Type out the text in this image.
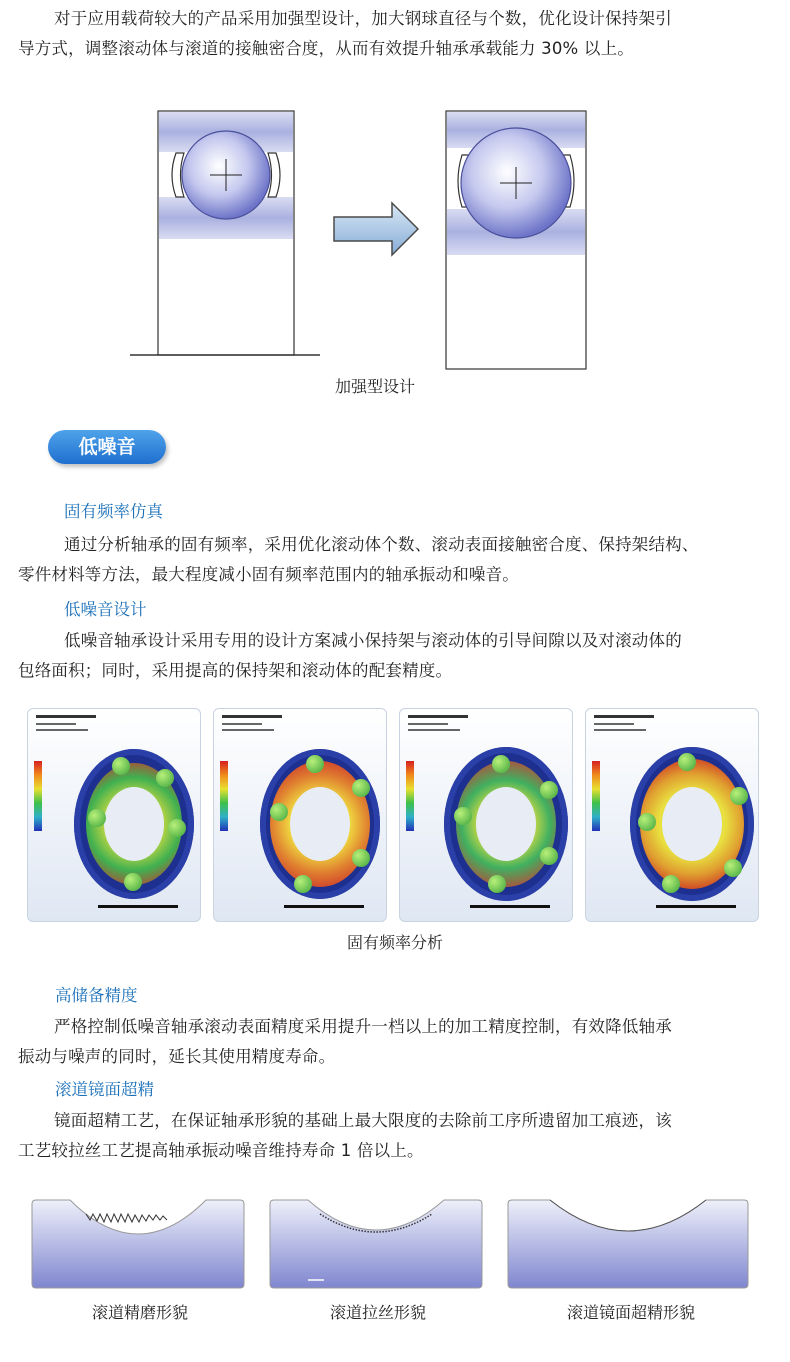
对于应用载荷较大的产品采用加强型设计，加大钢球直径与个数，优化设计保持架引
导方式，调整滚动体与滚道的接触密合度，从而有效提升轴承承载能力 30% 以上。
加强型设计
低噪音
固有频率仿真
通过分析轴承的固有频率，采用优化滚动体个数、滚动表面接触密合度、保持架结构、
零件材料等方法，最大程度减小固有频率范围内的轴承振动和噪音。
低噪音设计
低噪音轴承设计采用专用的设计方案减小保持架与滚动体的引导间隙以及对滚动体的
包络面积；同时，采用提高的保持架和滚动体的配套精度。
固有频率分析
高储备精度
严格控制低噪音轴承滚动表面精度采用提升一档以上的加工精度控制，有效降低轴承
振动与噪声的同时，延长其使用精度寿命。
滚道镜面超精
镜面超精工艺，在保证轴承形貌的基础上最大限度的去除前工序所遗留加工痕迹，该
工艺较拉丝工艺提高轴承振动噪音维持寿命 1 倍以上。
滚道精磨形貌	滚道拉丝形貌	滚道镜面超精形貌
